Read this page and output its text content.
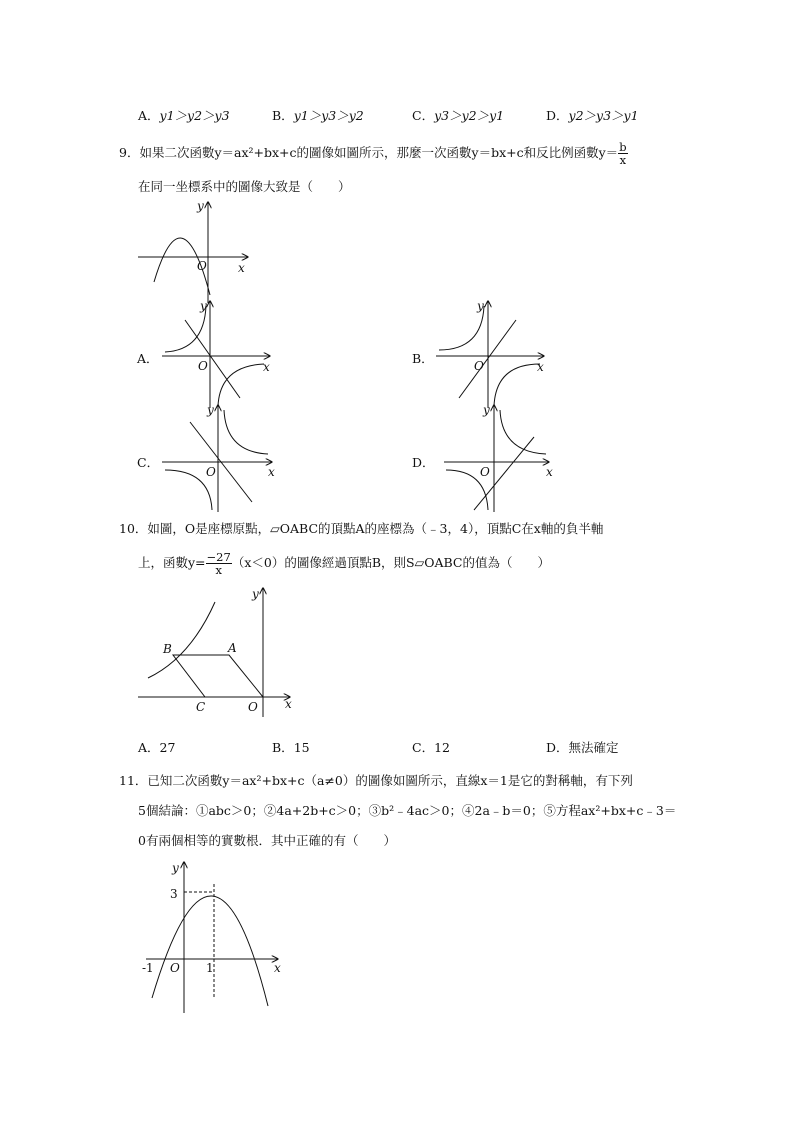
A．y1＞y2＞y3	B．y1＞y3＞y2	C．y3＞y2＞y1	D．y2＞y3＞y1
9．如果二次函數y＝ax²+bx+c的圖像如圖所示，那麼一次函數y＝bx+c和反比例函數$y= \frac{b}{x}$
在同一坐標系中的圖像大致是（　　）
O	x
y
A．	O	x
y
B．	O	x
y
C．
O	x
y
D．
O	x
y
10．如圖，O是座標原點，▱OABC的頂點A的座標為（﹣3，4），頂點C在x軸的負半軸
上，函數$y= \frac{-27}{x} (x<0)$的圖像經過頂點B，則S▱OABC的值為（　　）
B	A
C	O x
y
A．27	B．15	C．12	D．無法確定
11．已知二次函數y＝ax²+bx+c（a≠0）的圖像如圖所示，直線x＝1是它的對稱軸，有下列
5個結論：①abc＞0；②4a+2b+c＞0；③b²﹣4ac＞0；④2a﹣b＝0；⑤方程ax²+bx+c﹣3＝
0有兩個相等的實數根．其中正確的有（　　）
3
-1 O 1	x
y
